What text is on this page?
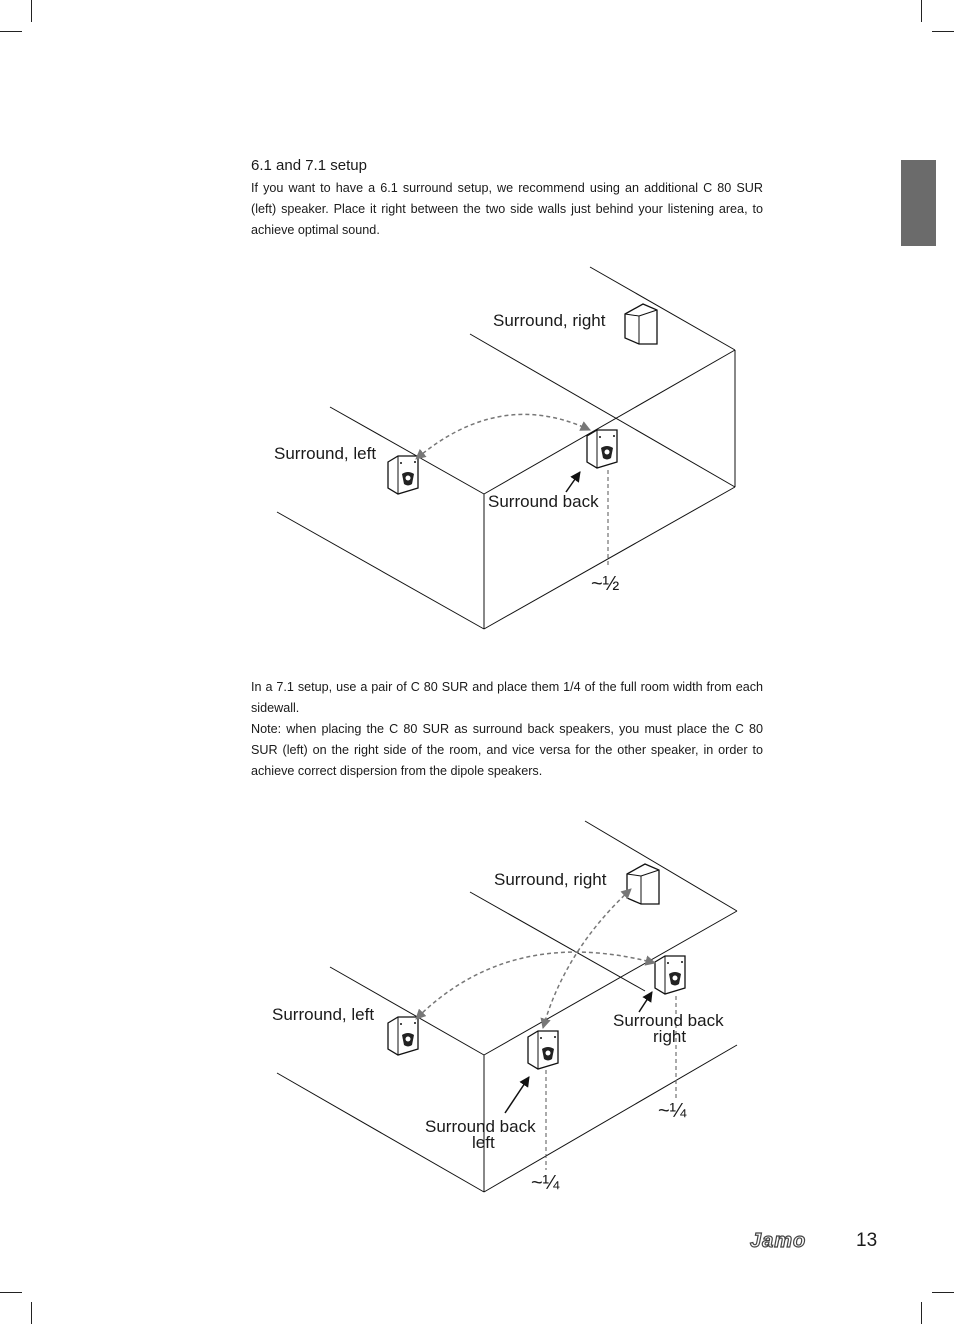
6.1 and 7.1 setup
If you want to have a 6.1 surround setup, we recommend using an additional C 80 SUR (left) speaker. Place it right between the two side walls just behind your listening area, to achieve optimal sound.
In a 7.1 setup, use a pair of C 80 SUR and place them 1/4 of the full room width from each sidewall.
Note: when placing the C 80 SUR as surround back speakers, you must place the C 80 SUR (left) on the right side of the room, and vice versa for the other speaker, in order to achieve correct dispersion from the dipole speakers.
Surround, right
Surround, left
Surround back
~½
Surround, right
Surround, left	Surround back
right
Surround back
left
~¼
~¼
Jamo	13
